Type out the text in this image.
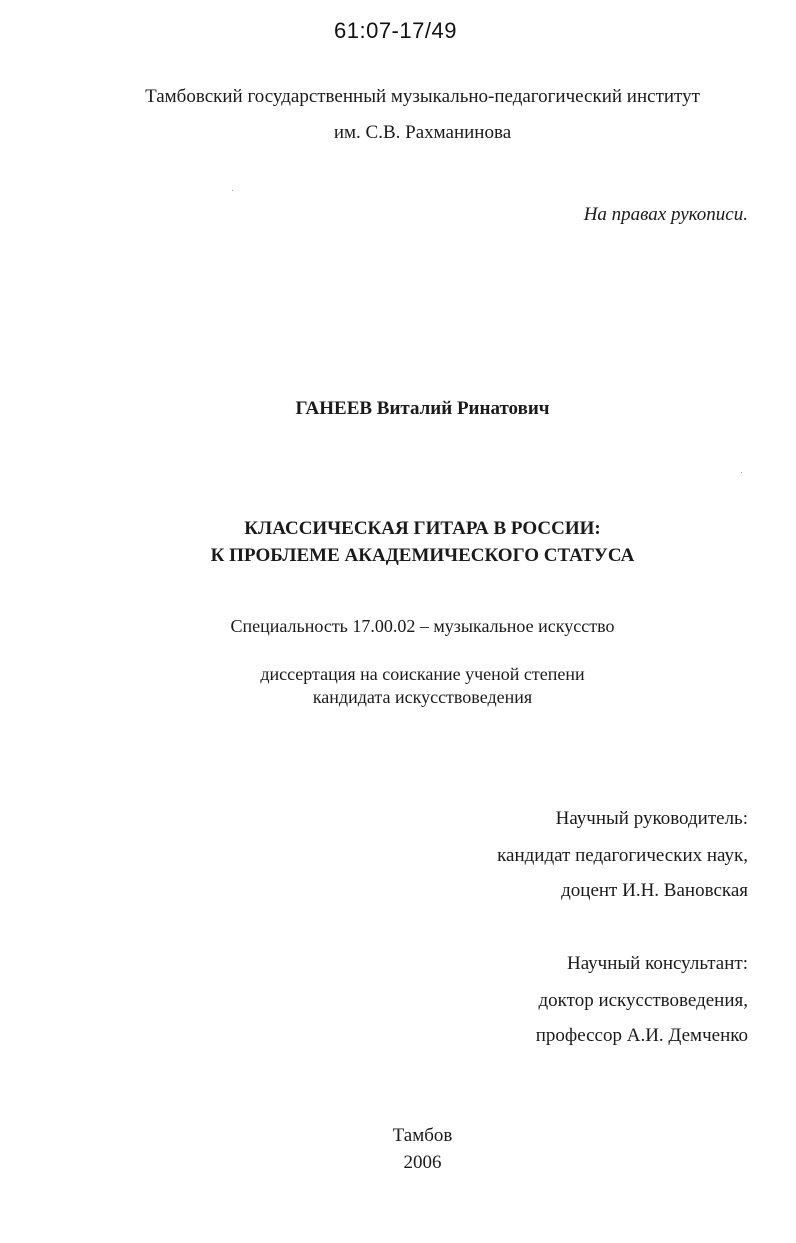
61:07-17/49
Тамбовский государственный музыкально-педагогический институт
им. С.В. Рахманинова
На правах рукописи.
ГАНЕЕВ Виталий Ринатович
КЛАССИЧЕСКАЯ ГИТАРА В РОССИИ:
К ПРОБЛЕМЕ АКАДЕМИЧЕСКОГО СТАТУСА
Специальность 17.00.02 – музыкальное искусство
диссертация на соискание ученой степени
кандидата искусствоведения
Научный руководитель:
кандидат педагогических наук,
доцент И.Н. Вановская
Научный консультант:
доктор искусствоведения,
профессор А.И. Демченко
Тамбов
2006
